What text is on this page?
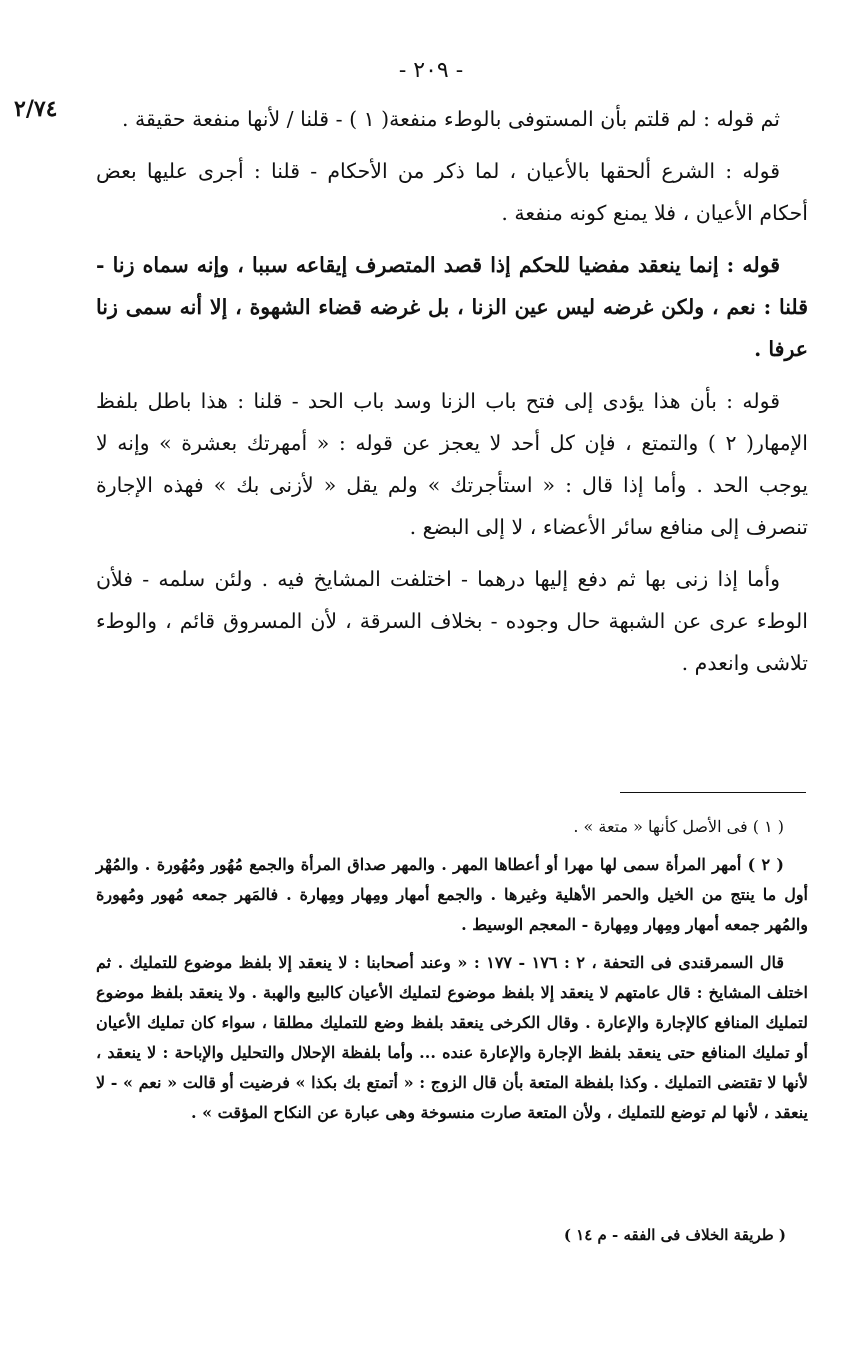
- ٢٠٩ -
٢/٧٤	ثم قوله : لم قلتم بأن المستوفى بالوطء منفعة( ١ ) - قلنا / لأنها منفعة حقيقة .

قوله : الشرع ألحقها بالأعيان ، لما ذكر من الأحكام - قلنا : أجرى عليها بعض أحكام الأعيان ، فلا يمنع كونه منفعة .

قوله : إنما ينعقد مفضيا للحكم إذا قصد المتصرف إيقاعه سببا ، وإنه سماه زنا - قلنا : نعم ، ولكن غرضه ليس عين الزنا ، بل غرضه قضاء الشهوة ، إلا أنه سمى زنا عرفا .

قوله : بأن هذا يؤدى إلى فتح باب الزنا وسد باب الحد - قلنا : هذا باطل بلفظ الإمهار( ٢ ) والتمتع ، فإن كل أحد لا يعجز عن قوله : « أمهرتك بعشرة » وإنه لا يوجب الحد . وأما إذا قال : « استأجرتك » ولم يقل « لأزنى بك » فهذه الإجارة تنصرف إلى منافع سائر الأعضاء ، لا إلى البضع .

وأما إذا زنى بها ثم دفع إليها درهما - اختلفت المشايخ فيه . ولئن سلمه - فلأن الوطء عرى عن الشبهة حال وجوده - بخلاف السرقة ، لأن المسروق قائم ، والوطء تلاشى وانعدم .

( ١ ) فى الأصل كأنها « متعة » .

( ٢ ) أمهر المرأة سمى لها مهرا أو أعطاها المهر . والمهر صداق المرأة والجمع مُهُور ومُهُورة . والمُهْر أول ما ينتج من الخيل والحمر الأهلية وغيرها . والجمع أمهار ومِهار ومِهارة . فالمَهر جمعه مُهور ومُهورة والمُهر جمعه أمهار ومِهار ومِهارة - المعجم الوسيط .

قال السمرقندى فى التحفة ، ٢ : ١٧٦ - ١٧٧ : « وعند أصحابنا : لا ينعقد إلا بلفظ موضوع للتمليك . ثم اختلف المشايخ : قال عامتهم لا ينعقد إلا بلفظ موضوع لتمليك الأعيان كالبيع والهبة . ولا ينعقد بلفظ موضوع لتمليك المنافع كالإجارة والإعارة . وقال الكرخى ينعقد بلفظ وضع للتمليك مطلقا ، سواء كان تمليك الأعيان أو تمليك المنافع حتى ينعقد بلفظ الإجارة والإعارة عنده ... وأما بلفظة الإحلال والتحليل والإباحة : لا ينعقد ، لأنها لا تقتضى التمليك . وكذا بلفظة المتعة بأن قال الزوج : « أتمتع بك بكذا » فرضيت أو قالت « نعم » - لا ينعقد ، لأنها لم توضع للتمليك ، ولأن المتعة صارت منسوخة وهى عبارة عن النكاح المؤقت » .

( طريقة الخلاف فى الفقه - م ١٤ )
